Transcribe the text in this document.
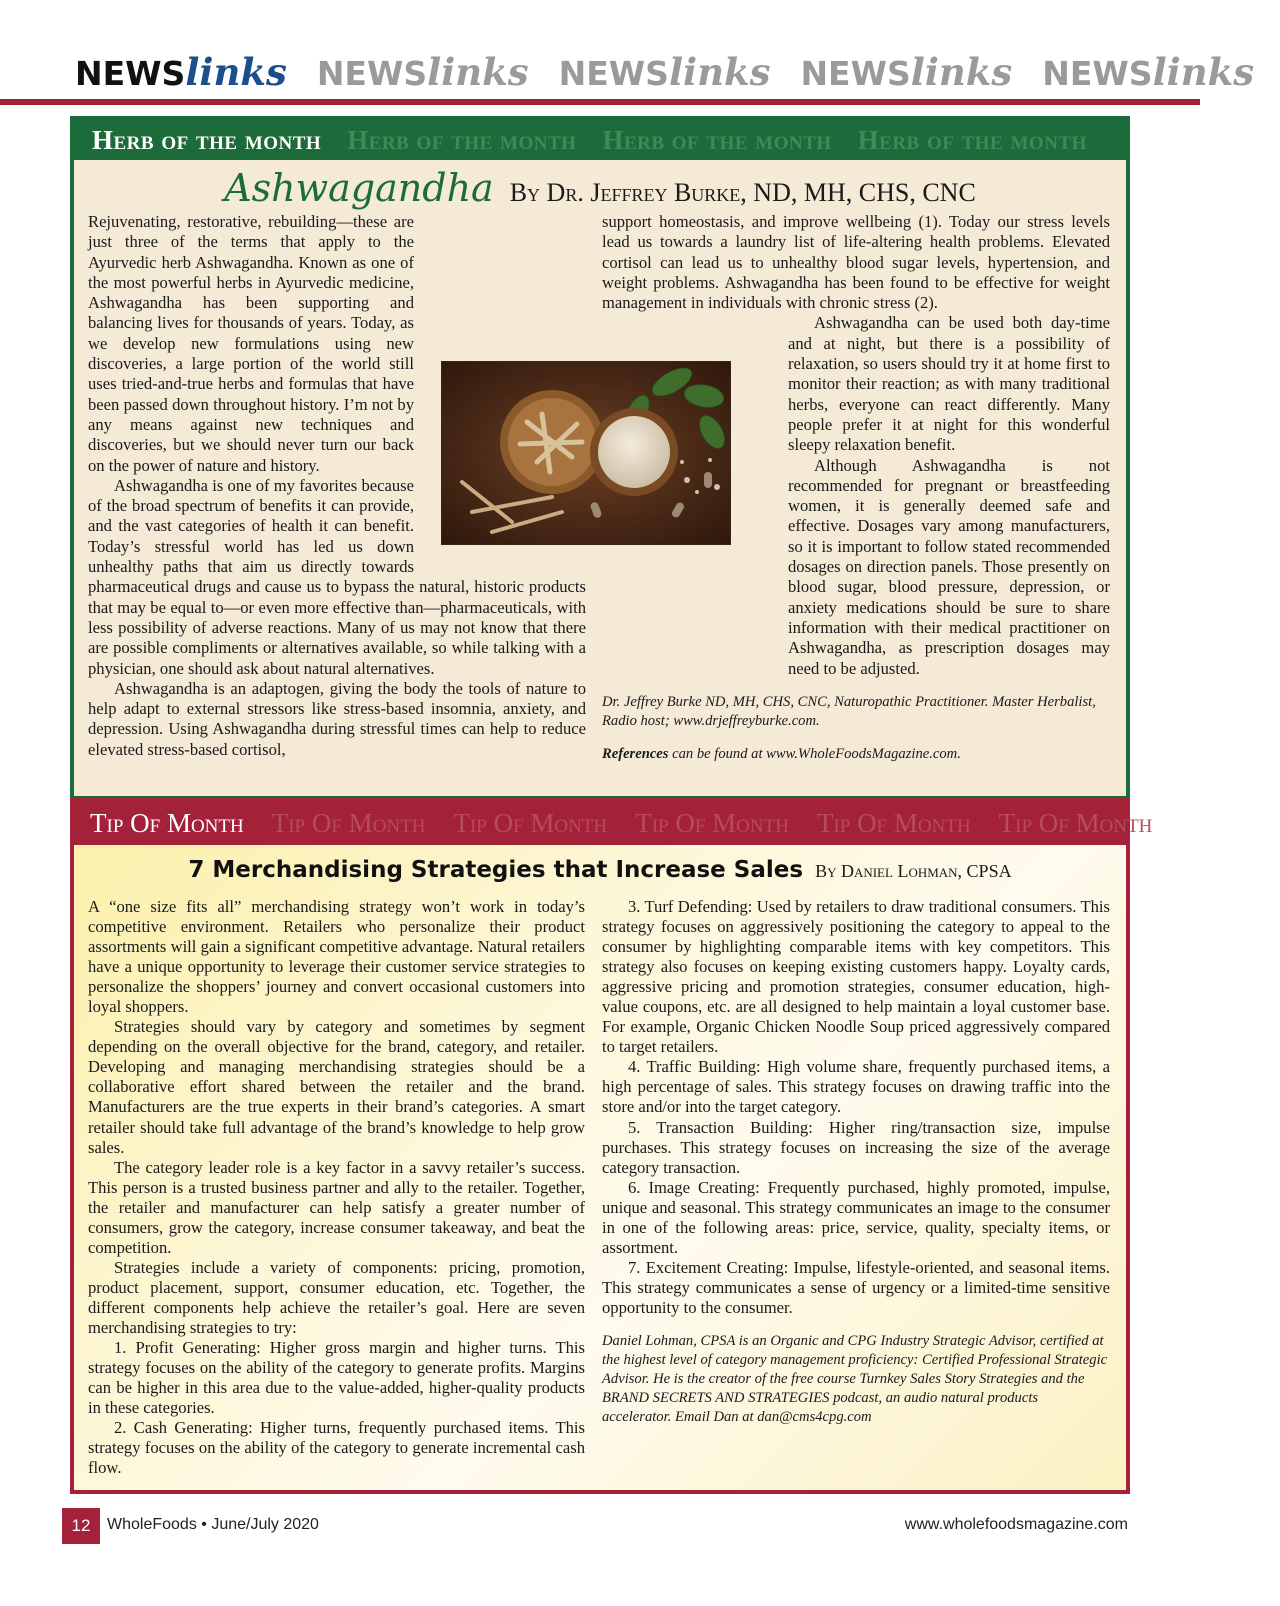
NEWSlinks NEWSlinks NEWSlinks NEWSlinks NEWSlinks
Herb of the month Herb of the month Herb of the month Herb of the month
Ashwagandha By Dr. Jeffrey Burke, ND, MH, CHS, CNC

Rejuvenating, restorative, rebuilding—these are just three of the terms that apply to the Ayurvedic herb Ashwagandha. Known as one of the most powerful herbs in Ayurvedic medicine, Ashwagandha has been supporting and balancing lives for thousands of years. Today, as we develop new formulations using new discoveries, a large portion of the world still uses tried-and-true herbs and formulas that have been passed down throughout history. I’m not by any means against new techniques and discoveries, but we should never turn our back on the power of nature and history.

Ashwagandha is one of my favorites because of the broad spectrum of benefits it can provide, and the vast categories of health it can benefit. Today’s stressful world has led us down unhealthy paths that aim us directly towards pharmaceutical drugs and cause us to bypass the natural, historic products that may be equal to—or even more effective than—pharmaceuticals, with less possibility of adverse reactions. Many of us may not know that there are possible compliments or alternatives available, so while talking with a physician, one should ask about natural alternatives.

Ashwagandha is an adaptogen, giving the body the tools of nature to help adapt to external stressors like stress-based insomnia, anxiety, and depression. Using Ashwagandha during stressful times can help to reduce elevated stress-based cortisol,

support homeostasis, and improve wellbeing (1). Today our stress levels lead us towards a laundry list of life-altering health problems. Elevated cortisol can lead us to unhealthy blood sugar levels, hypertension, and weight problems. Ashwagandha has been found to be effective for weight management in individuals with chronic stress (2).

Ashwagandha can be used both day-time and at night, but there is a possibility of relaxation, so users should try it at home first to monitor their reaction; as with many traditional herbs, everyone can react differently. Many people prefer it at night for this wonderful sleepy relaxation benefit.

Although Ashwagandha is not recommended for pregnant or breastfeeding women, it is generally deemed safe and effective. Dosages vary among manufacturers, so it is important to follow stated recommended dosages on direction panels. Those presently on blood sugar, blood pressure, depression, or anxiety medications should be sure to share information with their medical practitioner on Ashwagandha, as prescription dosages may need to be adjusted.

Dr. Jeffrey Burke ND, MH, CHS, CNC, Naturopathic Practitioner. Master Herbalist, Radio host; www.drjeffreyburke.com.
References can be found at www.WholeFoodsMagazine.com.
Tip Of Month Tip Of Month Tip Of Month Tip Of Month Tip Of Month Tip Of Month
7 Merchandising Strategies that Increase Sales By Daniel Lohman, CPSA

A “one size fits all” merchandising strategy won’t work in today’s competitive environment. Retailers who personalize their product assortments will gain a significant competitive advantage. Natural retailers have a unique opportunity to leverage their customer service strategies to personalize the shoppers’ journey and convert occasional customers into loyal shoppers.

Strategies should vary by category and sometimes by segment depending on the overall objective for the brand, category, and retailer. Developing and managing merchandising strategies should be a collaborative effort shared between the retailer and the brand. Manufacturers are the true experts in their brand’s categories. A smart retailer should take full advantage of the brand’s knowledge to help grow sales.

The category leader role is a key factor in a savvy retailer’s success. This person is a trusted business partner and ally to the retailer. Together, the retailer and manufacturer can help satisfy a greater number of consumers, grow the category, increase consumer takeaway, and beat the competition.

Strategies include a variety of components: pricing, promotion, product placement, support, consumer education, etc. Together, the different components help achieve the retailer’s goal. Here are seven merchandising strategies to try:

1. Profit Generating: Higher gross margin and higher turns. This strategy focuses on the ability of the category to generate profits. Margins can be higher in this area due to the value-added, higher-quality products in these categories.

2. Cash Generating: Higher turns, frequently purchased items. This strategy focuses on the ability of the category to generate incremental cash flow.

3. Turf Defending: Used by retailers to draw traditional consumers. This strategy focuses on aggressively positioning the category to appeal to the consumer by highlighting comparable items with key competitors. This strategy also focuses on keeping existing customers happy. Loyalty cards, aggressive pricing and promotion strategies, consumer education, high-value coupons, etc. are all designed to help maintain a loyal customer base. For example, Organic Chicken Noodle Soup priced aggressively compared to target retailers.

4. Traffic Building: High volume share, frequently purchased items, a high percentage of sales. This strategy focuses on drawing traffic into the store and/or into the target category.

5. Transaction Building: Higher ring/transaction size, impulse purchases. This strategy focuses on increasing the size of the average category transaction.

6. Image Creating: Frequently purchased, highly promoted, impulse, unique and seasonal. This strategy communicates an image to the consumer in one of the following areas: price, service, quality, specialty items, or assortment.

7. Excitement Creating: Impulse, lifestyle-oriented, and seasonal items. This strategy communicates a sense of urgency or a limited-time sensitive opportunity to the consumer.

Daniel Lohman, CPSA is an Organic and CPG Industry Strategic Advisor, certified at the highest level of category management proficiency: Certified Professional Strategic Advisor. He is the creator of the free course Turnkey Sales Story Strategies and the BRAND SECRETS AND STRATEGIES podcast, an audio natural products accelerator. Email Dan at dan@cms4cpg.com
12	WholeFoods • June/July 2020	www.wholefoodsmagazine.com
